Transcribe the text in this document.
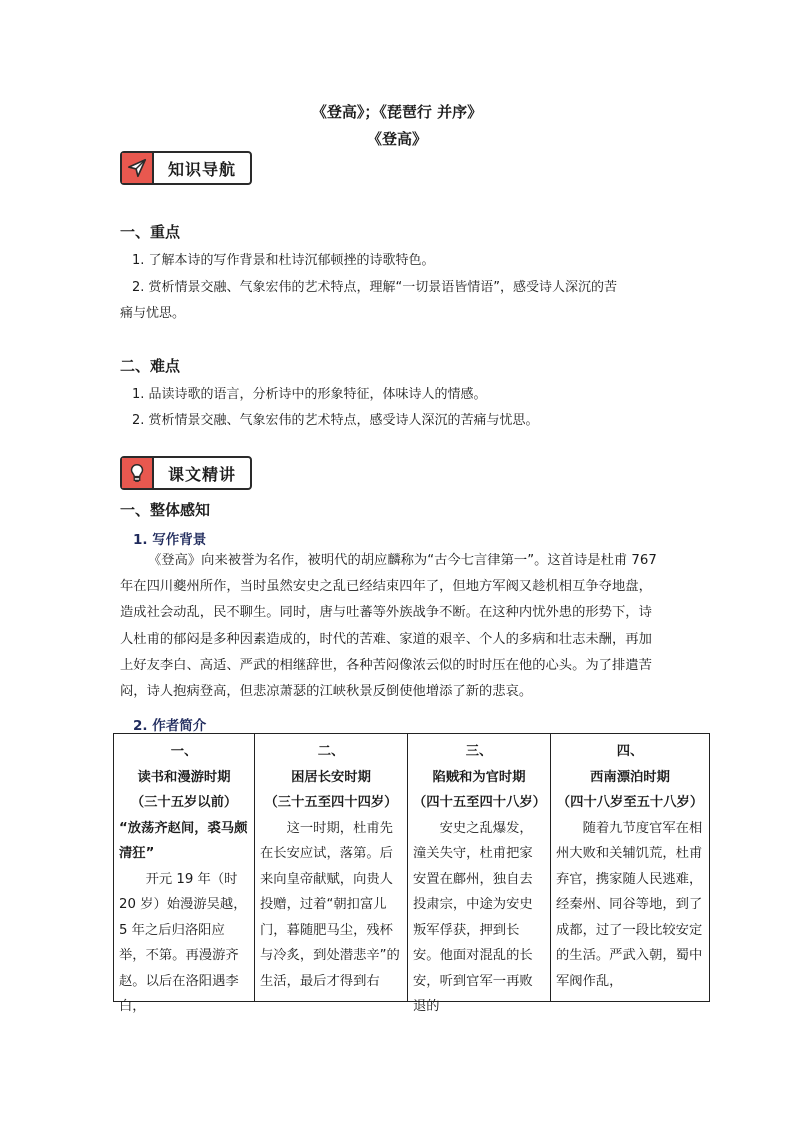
《登高》；《琵琶行 并序》
《登高》
知识导航
一、重点
1. 了解本诗的写作背景和杜诗沉郁顿挫的诗歌特色。
2. 赏析情景交融、气象宏伟的艺术特点，理解“一切景语皆情语”，感受诗人深沉的苦
痛与忧思。
二、难点
1. 品读诗歌的语言，分析诗中的形象特征，体味诗人的情感。
2. 赏析情景交融、气象宏伟的艺术特点，感受诗人深沉的苦痛与忧思。
课文精讲
一、整体感知
1. 写作背景

《登高》向来被誉为名作，被明代的胡应麟称为“古今七言律第一”。这首诗是杜甫 767

年在四川夔州所作，当时虽然安史之乱已经结束四年了，但地方军阀又趁机相互争夺地盘，

造成社会动乱，民不聊生。同时，唐与吐蕃等外族战争不断。在这种内忧外患的形势下，诗

人杜甫的郁闷是多种因素造成的，时代的苦难、家道的艰辛、个人的多病和壮志未酬，再加

上好友李白、高适、严武的相继辞世，各种苦闷像浓云似的时时压在他的心头。为了排遣苦

闷，诗人抱病登高，但悲凉萧瑟的江峡秋景反倒使他增添了新的悲哀。

2. 作者简介
一、
读书和漫游时期
（三十五岁以前）
“放荡齐赵间，裘马颇清狂”
开元 19 年（时 20 岁）始漫游吴越，5 年之后归洛阳应举，不第。再漫游齐赵。以后在洛阳遇李白，

二、
困居长安时期
（三十五至四十四岁）
这一时期，杜甫先在长安应试，落第。后来向皇帝献赋，向贵人投赠，过着“朝扣富儿门，暮随肥马尘，残杯与冷炙，到处潜悲辛”的生活，最后才得到右

三、
陷贼和为官时期
（四十五至四十八岁）
安史之乱爆发，潼关失守，杜甫把家安置在鄜州，独自去投肃宗，中途为安史叛军俘获，押到长安。他面对混乱的长安，听到官军一再败退的

四、
西南漂泊时期
（四十八岁至五十八岁）
随着九节度官军在相州大败和关辅饥荒，杜甫弃官，携家随人民逃难，经秦州、同谷等地，到了成都，过了一段比较安定的生活。严武入朝，蜀中军阀作乱，
